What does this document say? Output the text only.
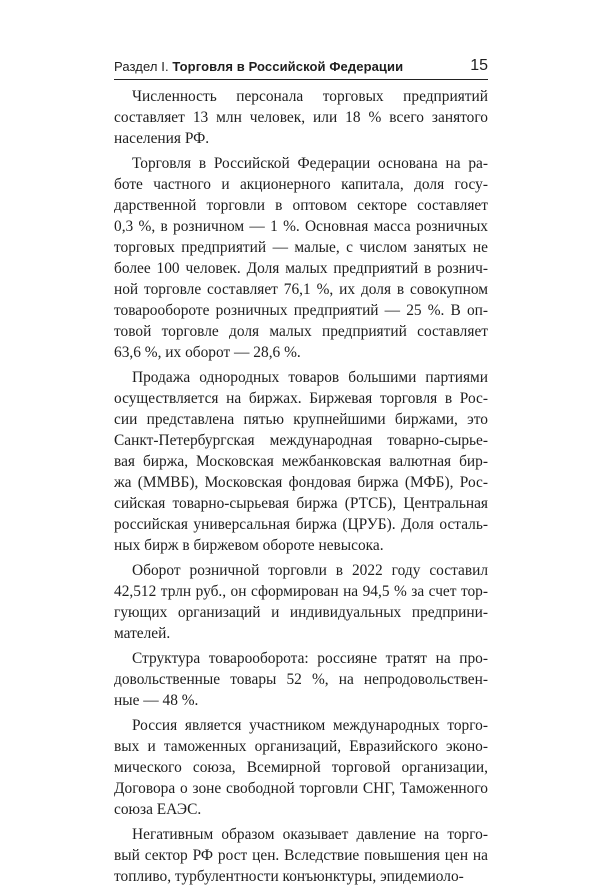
Раздел I. Торговля в Российской Федерации	15
Численность персонала торговых предприятий
составляет 13 млн человек, или 18 % всего занятого
населения РФ.
Торговля в Российской Федерации основана на ра-
боте частного и акционерного капитала, доля госу-
дарственной торговли в оптовом секторе составляет
0,3 %, в розничном — 1 %. Основная масса розничных
торговых предприятий — малые, с числом занятых не
более 100 человек. Доля малых предприятий в рознич-
ной торговле составляет 76,1 %, их доля в совокупном
товарообороте розничных предприятий — 25 %. В оп-
товой торговле доля малых предприятий составляет
63,6 %, их оборот — 28,6 %.
Продажа однородных товаров большими партиями
осуществляется на биржах. Биржевая торговля в Рос-
сии представлена пятью крупнейшими биржами, это
Санкт-Петербургская международная товарно-сырье-
вая биржа, Московская межбанковская валютная бир-
жа (ММВБ), Московская фондовая биржа (МФБ), Рос-
сийская товарно-сырьевая биржа (РТСБ), Центральная
российская универсальная биржа (ЦРУБ). Доля осталь-
ных бирж в биржевом обороте невысока.
Оборот розничной торговли в 2022 году составил
42,512 трлн руб., он сформирован на 94,5 % за счет тор-
гующих организаций и индивидуальных предприни-
мателей.
Структура товарооборота: россияне тратят на про-
довольственные товары 52 %, на непродовольствен-
ные — 48 %.
Россия является участником международных торго-
вых и таможенных организаций, Евразийского эконо-
мического союза, Всемирной торговой организации,
Договора о зоне свободной торговли СНГ, Таможенного
союза ЕАЭС.
Негативным образом оказывает давление на торго-
вый сектор РФ рост цен. Вследствие повышения цен на
топливо, турбулентности конъюнктуры, эпидемиоло-
